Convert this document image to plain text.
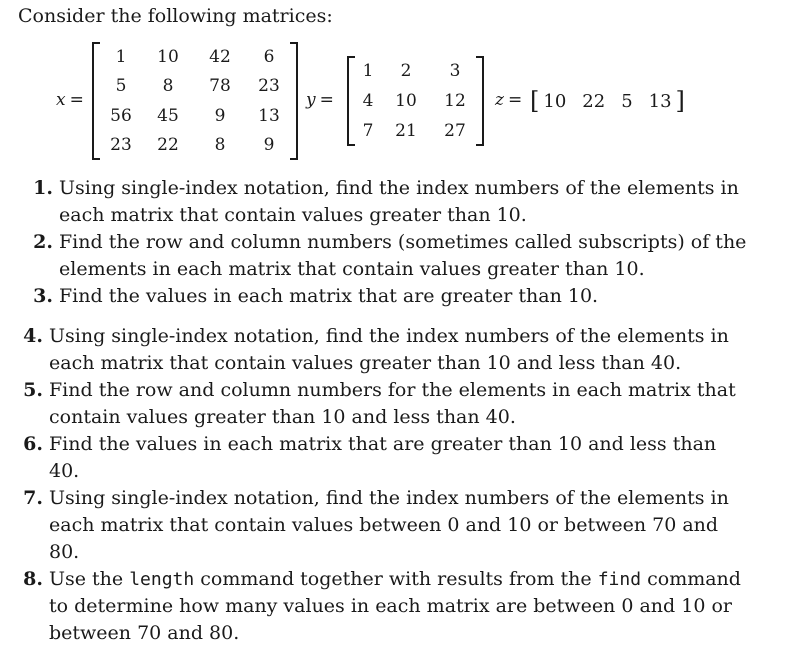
Consider the following matrices:
x =
1	10	42	6
5	8	78	23
56	45	9	13
23	22	8	9
y =
1	2	3
4	10	12
7	21	27
z = [ 10 22 5 13 ]
1. Using single-index notation, find the index numbers of the elements in each matrix that contain values greater than 10.
2. Find the row and column numbers (sometimes called subscripts) of the elements in each matrix that contain values greater than 10.
3. Find the values in each matrix that are greater than 10.
4. Using single-index notation, find the index numbers of the elements in each matrix that contain values greater than 10 and less than 40.
5. Find the row and column numbers for the elements in each matrix that contain values greater than 10 and less than 40.
6. Find the values in each matrix that are greater than 10 and less than 40.
7. Using single-index notation, find the index numbers of the elements in each matrix that contain values between 0 and 10 or between 70 and 80.
8. Use the length command together with results from the find command to determine how many values in each matrix are between 0 and 10 or between 70 and 80.
